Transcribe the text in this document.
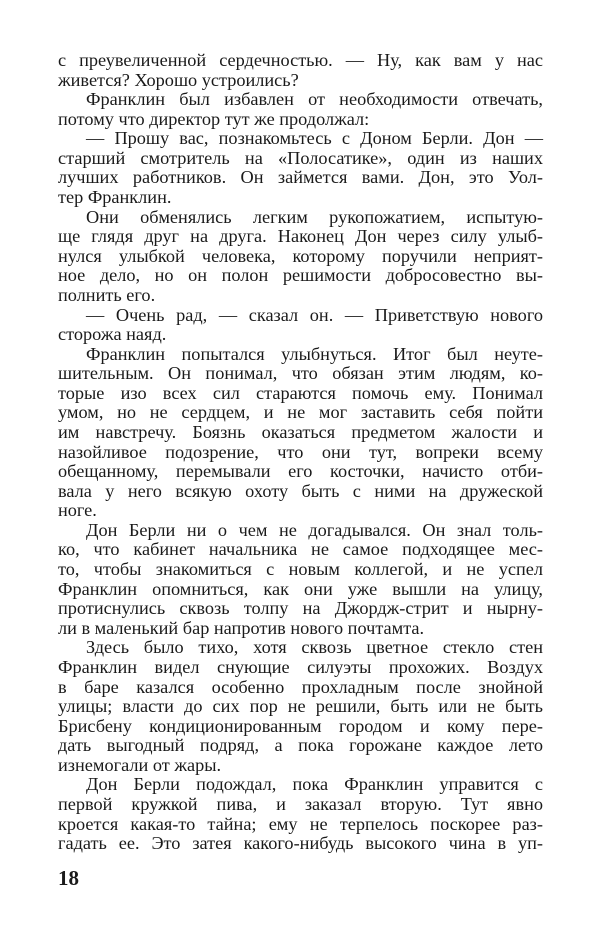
с преувеличенной сердечностью. — Ну, как вам у нас
живется? Хорошо устроились?
Франклин был избавлен от необходимости отвечать,
потому что директор тут же продолжал:
— Прошу вас, познакомьтесь с Доном Берли. Дон —
старший смотритель на «Полосатике», один из наших
лучших работников. Он займется вами. Дон, это Уол-
тер Франклин.
Они обменялись легким рукопожатием, испытую-
ще глядя друг на друга. Наконец Дон через силу улыб-
нулся улыбкой человека, которому поручили неприят-
ное дело, но он полон решимости добросовестно вы-
полнить его.
— Очень рад, — сказал он. — Приветствую нового
сторожа наяд.
Франклин попытался улыбнуться. Итог был неуте-
шительным. Он понимал, что обязан этим людям, ко-
торые изо всех сил стараются помочь ему. Понимал
умом, но не сердцем, и не мог заставить себя пойти
им навстречу. Боязнь оказаться предметом жалости и
назойливое подозрение, что они тут, вопреки всему
обещанному, перемывали его косточки, начисто отби-
вала у него всякую охоту быть с ними на дружеской
ноге.
Дон Берли ни о чем не догадывался. Он знал толь-
ко, что кабинет начальника не самое подходящее мес-
то, чтобы знакомиться с новым коллегой, и не успел
Франклин опомниться, как они уже вышли на улицу,
протиснулись сквозь толпу на Джордж-стрит и нырну-
ли в маленький бар напротив нового почтамта.
Здесь было тихо, хотя сквозь цветное стекло стен
Франклин видел снующие силуэты прохожих. Воздух
в баре казался особенно прохладным после знойной
улицы; власти до сих пор не решили, быть или не быть
Брисбену кондиционированным городом и кому пере-
дать выгодный подряд, а пока горожане каждое лето
изнемогали от жары.
Дон Берли подождал, пока Франклин управится с
первой кружкой пива, и заказал вторую. Тут явно
кроется какая-то тайна; ему не терпелось поскорее раз-
гадать ее. Это затея какого-нибудь высокого чина в уп-
18
